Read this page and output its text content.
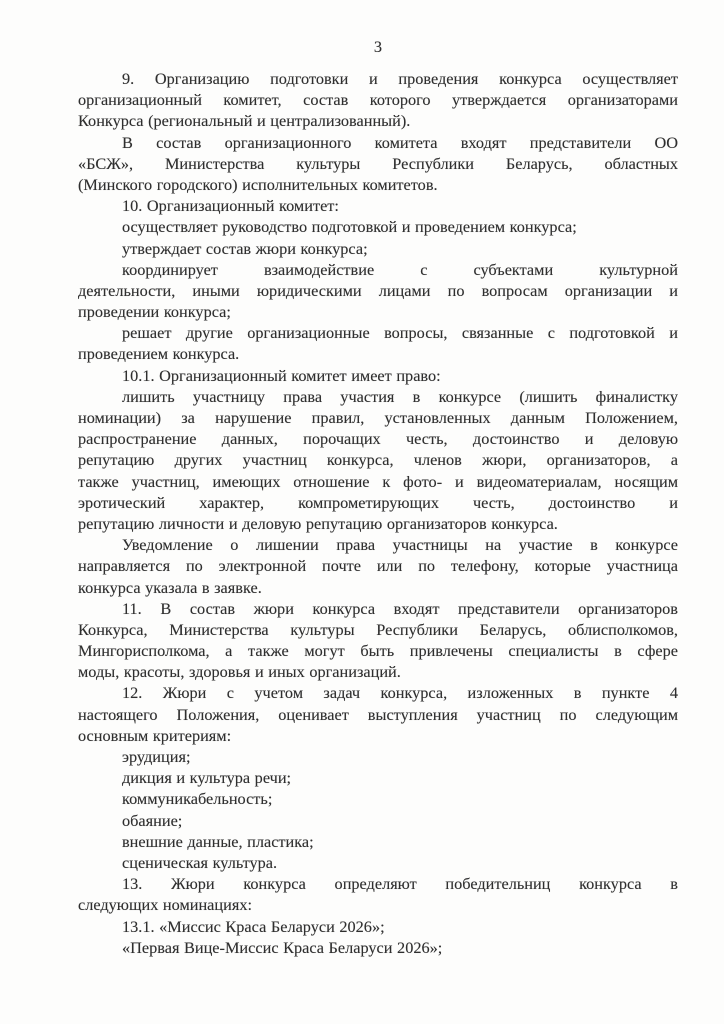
3
9. Организацию подготовки и проведения конкурса осуществляет
организационный комитет, состав которого утверждается организаторами
Конкурса (региональный и централизованный).
В состав организационного комитета входят представители ОО
«БСЖ», Министерства культуры Республики Беларусь, областных
(Минского городского) исполнительных комитетов.
10. Организационный комитет:
осуществляет руководство подготовкой и проведением конкурса;
утверждает состав жюри конкурса;
координирует взаимодействие с субъектами культурной
деятельности, иными юридическими лицами по вопросам организации и
проведении конкурса;
решает другие организационные вопросы, связанные с подготовкой и
проведением конкурса.
10.1. Организационный комитет имеет право:
лишить участницу права участия в конкурсе (лишить финалистку
номинации) за нарушение правил, установленных данным Положением,
распространение данных, порочащих честь, достоинство и деловую
репутацию других участниц конкурса, членов жюри, организаторов, а
также участниц, имеющих отношение к фото- и видеоматериалам, носящим
эротический характер, компрометирующих честь, достоинство и
репутацию личности и деловую репутацию организаторов конкурса.
Уведомление о лишении права участницы на участие в конкурсе
направляется по электронной почте или по телефону, которые участница
конкурса указала в заявке.
11. В состав жюри конкурса входят представители организаторов
Конкурса, Министерства культуры Республики Беларусь, облисполкомов,
Мингорисполкома, а также могут быть привлечены специалисты в сфере
моды, красоты, здоровья и иных организаций.
12. Жюри с учетом задач конкурса, изложенных в пункте 4
настоящего Положения, оценивает выступления участниц по следующим
основным критериям:
эрудиция;
дикция и культура речи;
коммуникабельность;
обаяние;
внешние данные, пластика;
сценическая культура.
13. Жюри конкурса определяют победительниц конкурса в
следующих номинациях:
13.1. «Миссис Краса Беларуси 2026»;
«Первая Вице-Миссис Краса Беларуси 2026»;
